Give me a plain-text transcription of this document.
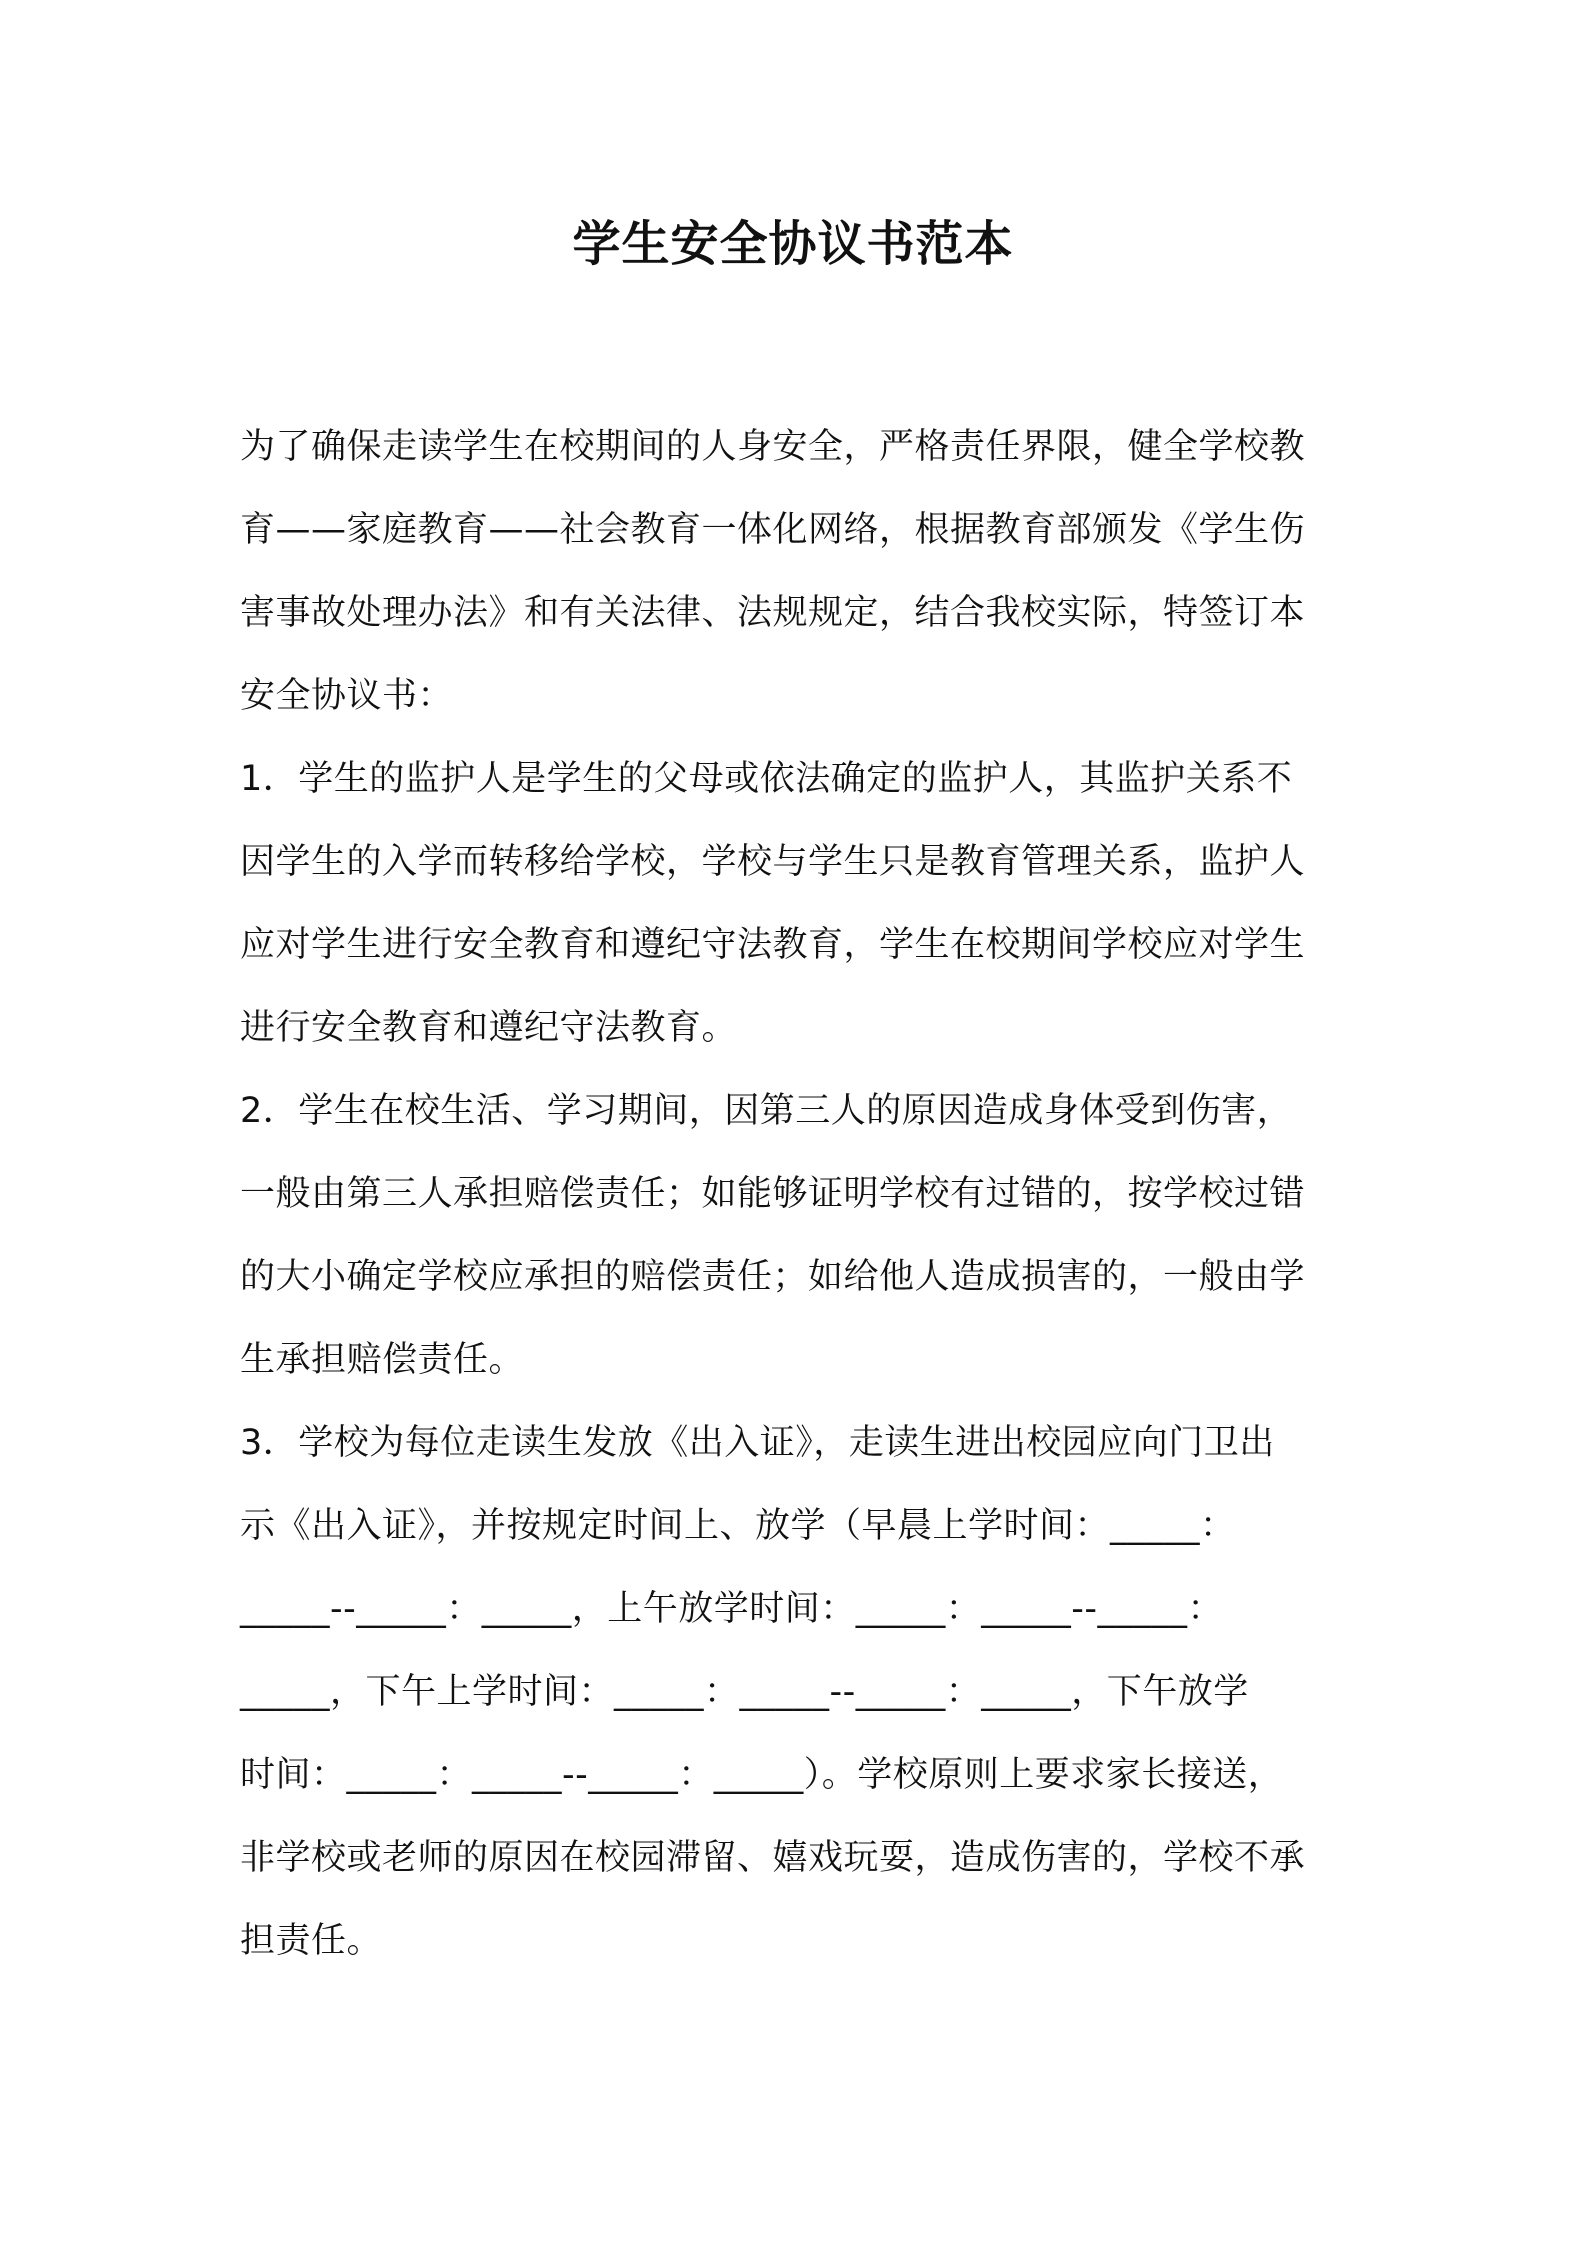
学生安全协议书范本
为了确保走读学生在校期间的人身安全，严格责任界限，健全学校教
育——家庭教育——社会教育一体化网络，根据教育部颁发《学生伤
害事故处理办法》和有关法律、法规规定，结合我校实际，特签订本
安全协议书：
1．学生的监护人是学生的父母或依法确定的监护人，其监护关系不
因学生的入学而转移给学校，学校与学生只是教育管理关系，监护人
应对学生进行安全教育和遵纪守法教育，学生在校期间学校应对学生
进行安全教育和遵纪守法教育。
2．学生在校生活、学习期间，因第三人的原因造成身体受到伤害，
一般由第三人承担赔偿责任；如能够证明学校有过错的，按学校过错
的大小确定学校应承担的赔偿责任；如给他人造成损害的，一般由学
生承担赔偿责任。
3．学校为每位走读生发放《出入证》，走读生进出校园应向门卫出
示《出入证》，并按规定时间上、放学（早晨上学时间：_____：
_____--_____：_____，上午放学时间：_____：_____--_____：
_____，下午上学时间：_____：_____--_____：_____，下午放学
时间：_____：_____--_____：_____）。学校原则上要求家长接送，
非学校或老师的原因在校园滞留、嬉戏玩耍，造成伤害的，学校不承
担责任。
